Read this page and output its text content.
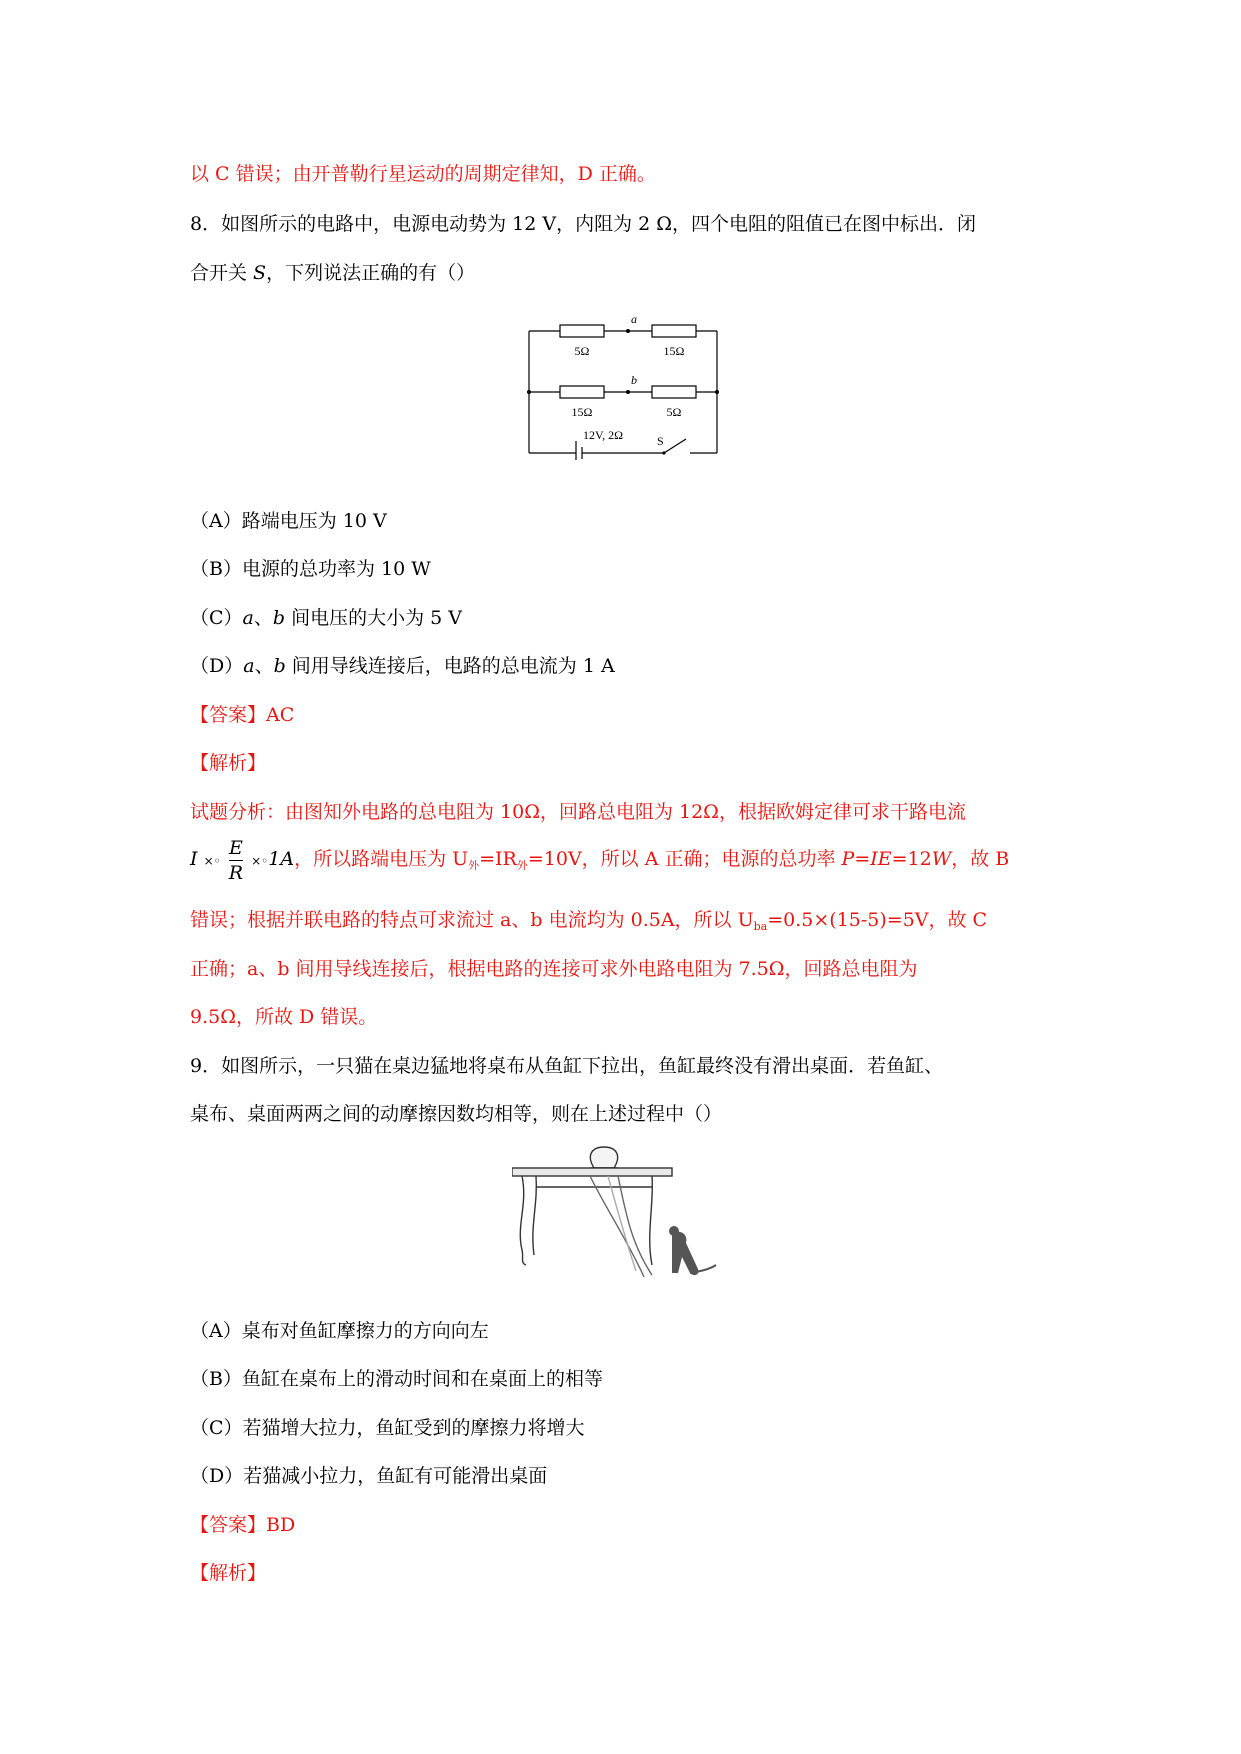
以 C 错误；由开普勒行星运动的周期定律知，D 正确。
8．如图所示的电路中，电源电动势为 12 V，内阻为 2 Ω，四个电阻的阻值已在图中标出．闭
合开关 S，下列说法正确的有（）
5Ω	15Ω
15Ω	5Ω
a
b
12V, 2Ω	S
（A）路端电压为 10 V
（B）电源的总功率为 10 W
（C）a、b 间电压的大小为 5 V
（D）a、b 间用导线连接后，电路的总电流为 1 A
【答案】AC
【解析】
试题分析：由图知外电路的总电阻为 10Ω，回路总电阻为 12Ω，根据欧姆定律可求干路电流
I ×◦ $\frac{E}{R}$ ×◦1A，所以路端电压为 $U_外=IR_外=10V$，所以 A 正确；电源的总功率 P=IE=12W，故 B
错误；根据并联电路的特点可求流过 a、b 电流均为 0.5A，所以 $U_{ba}=0.5\times(15-5)=5V$，故 C
正确；a、b 间用导线连接后，根据电路的连接可求外电路电阻为 7.5Ω，回路总电阻为
9.5Ω，所故 D 错误。
9．如图所示，一只猫在桌边猛地将桌布从鱼缸下拉出，鱼缸最终没有滑出桌面．若鱼缸、
桌布、桌面两两之间的动摩擦因数均相等，则在上述过程中（）
（A）桌布对鱼缸摩擦力的方向向左
（B）鱼缸在桌布上的滑动时间和在桌面上的相等
（C）若猫增大拉力，鱼缸受到的摩擦力将增大
（D）若猫减小拉力，鱼缸有可能滑出桌面
【答案】BD
【解析】
